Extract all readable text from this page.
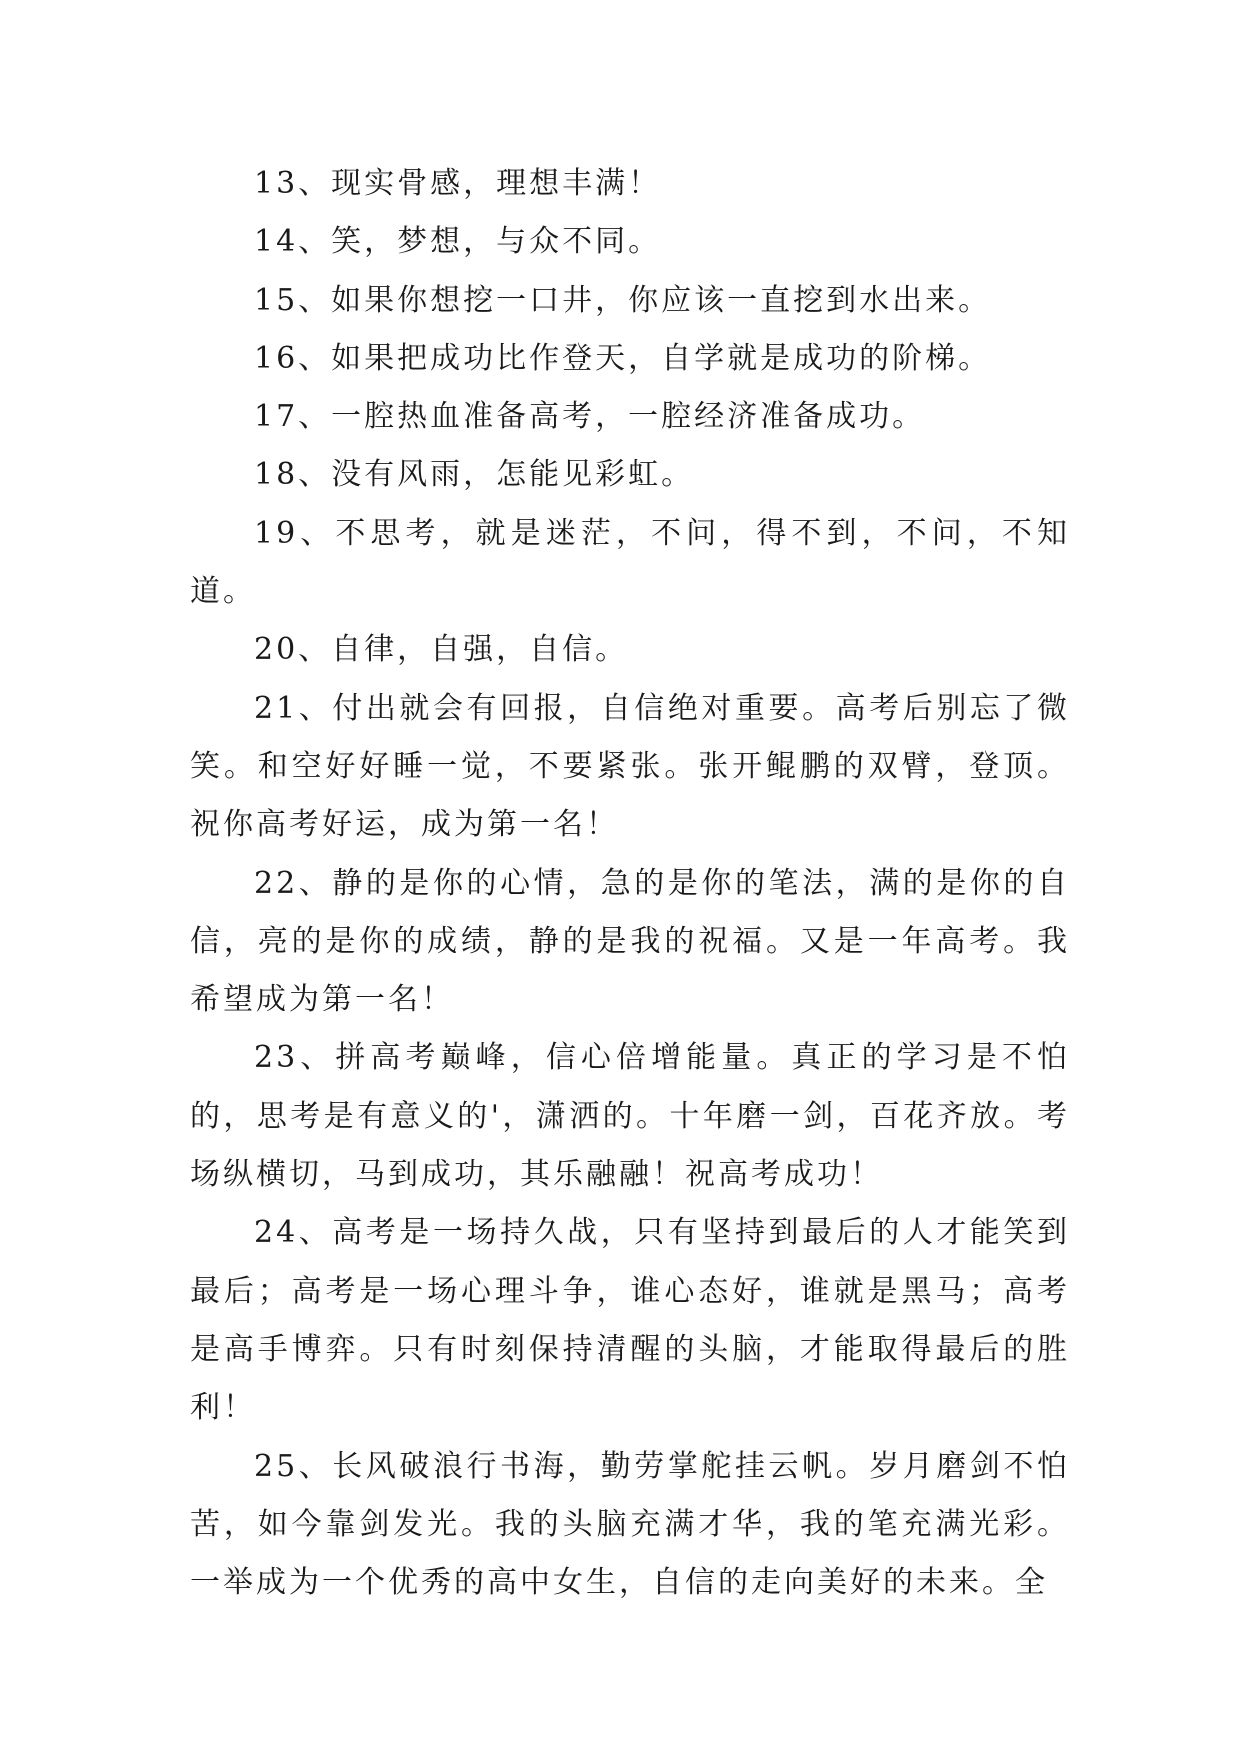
13、现实骨感，理想丰满！

14、笑，梦想，与众不同。

15、如果你想挖一口井，你应该一直挖到水出来。

16、如果把成功比作登天，自学就是成功的阶梯。

17、一腔热血准备高考，一腔经济准备成功。

18、没有风雨，怎能见彩虹。

19、不思考，就是迷茫，不问，得不到，不问，不知道。

20、自律，自强，自信。

21、付出就会有回报，自信绝对重要。高考后别忘了微笑。和空好好睡一觉，不要紧张。张开鲲鹏的双臂，登顶。祝你高考好运，成为第一名！

22、静的是你的心情，急的是你的笔法，满的是你的自信，亮的是你的成绩，静的是我的祝福。又是一年高考。我希望成为第一名！

23、拼高考巅峰，信心倍增能量。真正的学习是不怕的，思考是有意义的'，潇洒的。十年磨一剑，百花齐放。考场纵横切，马到成功，其乐融融！祝高考成功！

24、高考是一场持久战，只有坚持到最后的人才能笑到最后；高考是一场心理斗争，谁心态好，谁就是黑马；高考是高手博弈。只有时刻保持清醒的头脑，才能取得最后的胜利！

25、长风破浪行书海，勤劳掌舵挂云帆。岁月磨剑不怕苦，如今靠剑发光。我的头脑充满才华，我的笔充满光彩。一举成为一个优秀的高中女生，自信的走向美好的未来。全
